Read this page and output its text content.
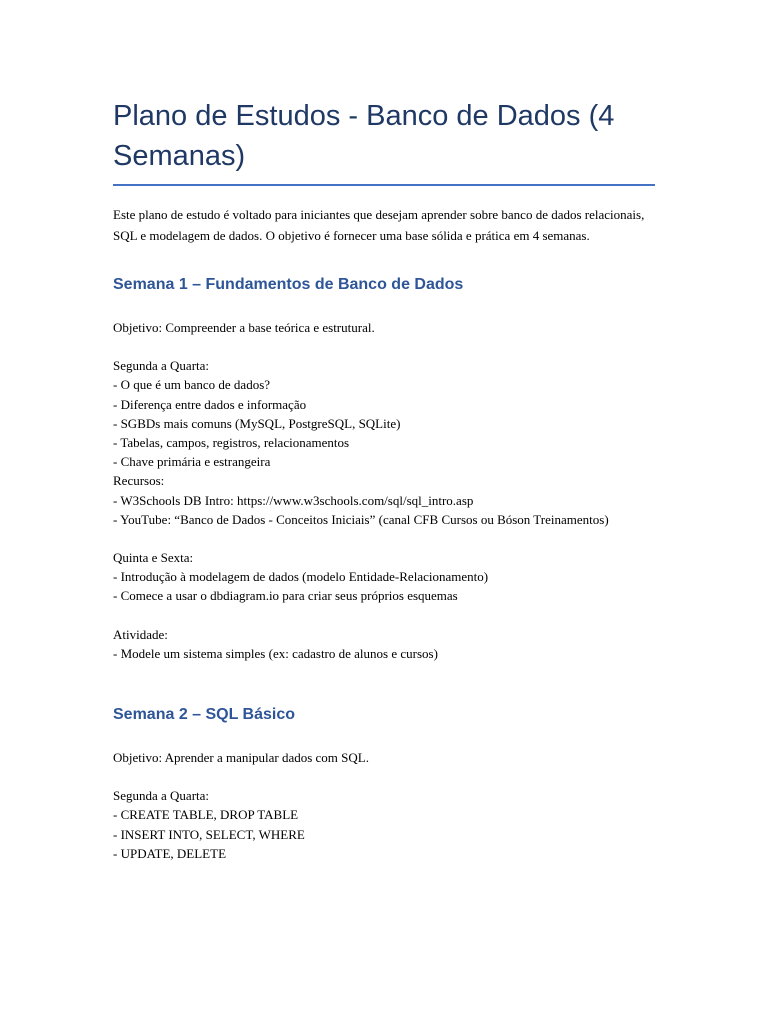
Plano de Estudos - Banco de Dados (4 Semanas)

Este plano de estudo é voltado para iniciantes que desejam aprender sobre banco de dados relacionais, SQL e modelagem de dados. O objetivo é fornecer uma base sólida e prática em 4 semanas.

Semana 1 – Fundamentos de Banco de Dados
Objetivo: Compreender a base teórica e estrutural.
Segunda a Quarta:
- O que é um banco de dados?
- Diferença entre dados e informação
- SGBDs mais comuns (MySQL, PostgreSQL, SQLite)
- Tabelas, campos, registros, relacionamentos
- Chave primária e estrangeira
Recursos:
- W3Schools DB Intro: https://www.w3schools.com/sql/sql_intro.asp
- YouTube: “Banco de Dados - Conceitos Iniciais” (canal CFB Cursos ou Bóson Treinamentos)
Quinta e Sexta:
- Introdução à modelagem de dados (modelo Entidade-Relacionamento)
- Comece a usar o dbdiagram.io para criar seus próprios esquemas
Atividade:
- Modele um sistema simples (ex: cadastro de alunos e cursos)
Semana 2 – SQL Básico
Objetivo: Aprender a manipular dados com SQL.
Segunda a Quarta:
- CREATE TABLE, DROP TABLE
- INSERT INTO, SELECT, WHERE
- UPDATE, DELETE
